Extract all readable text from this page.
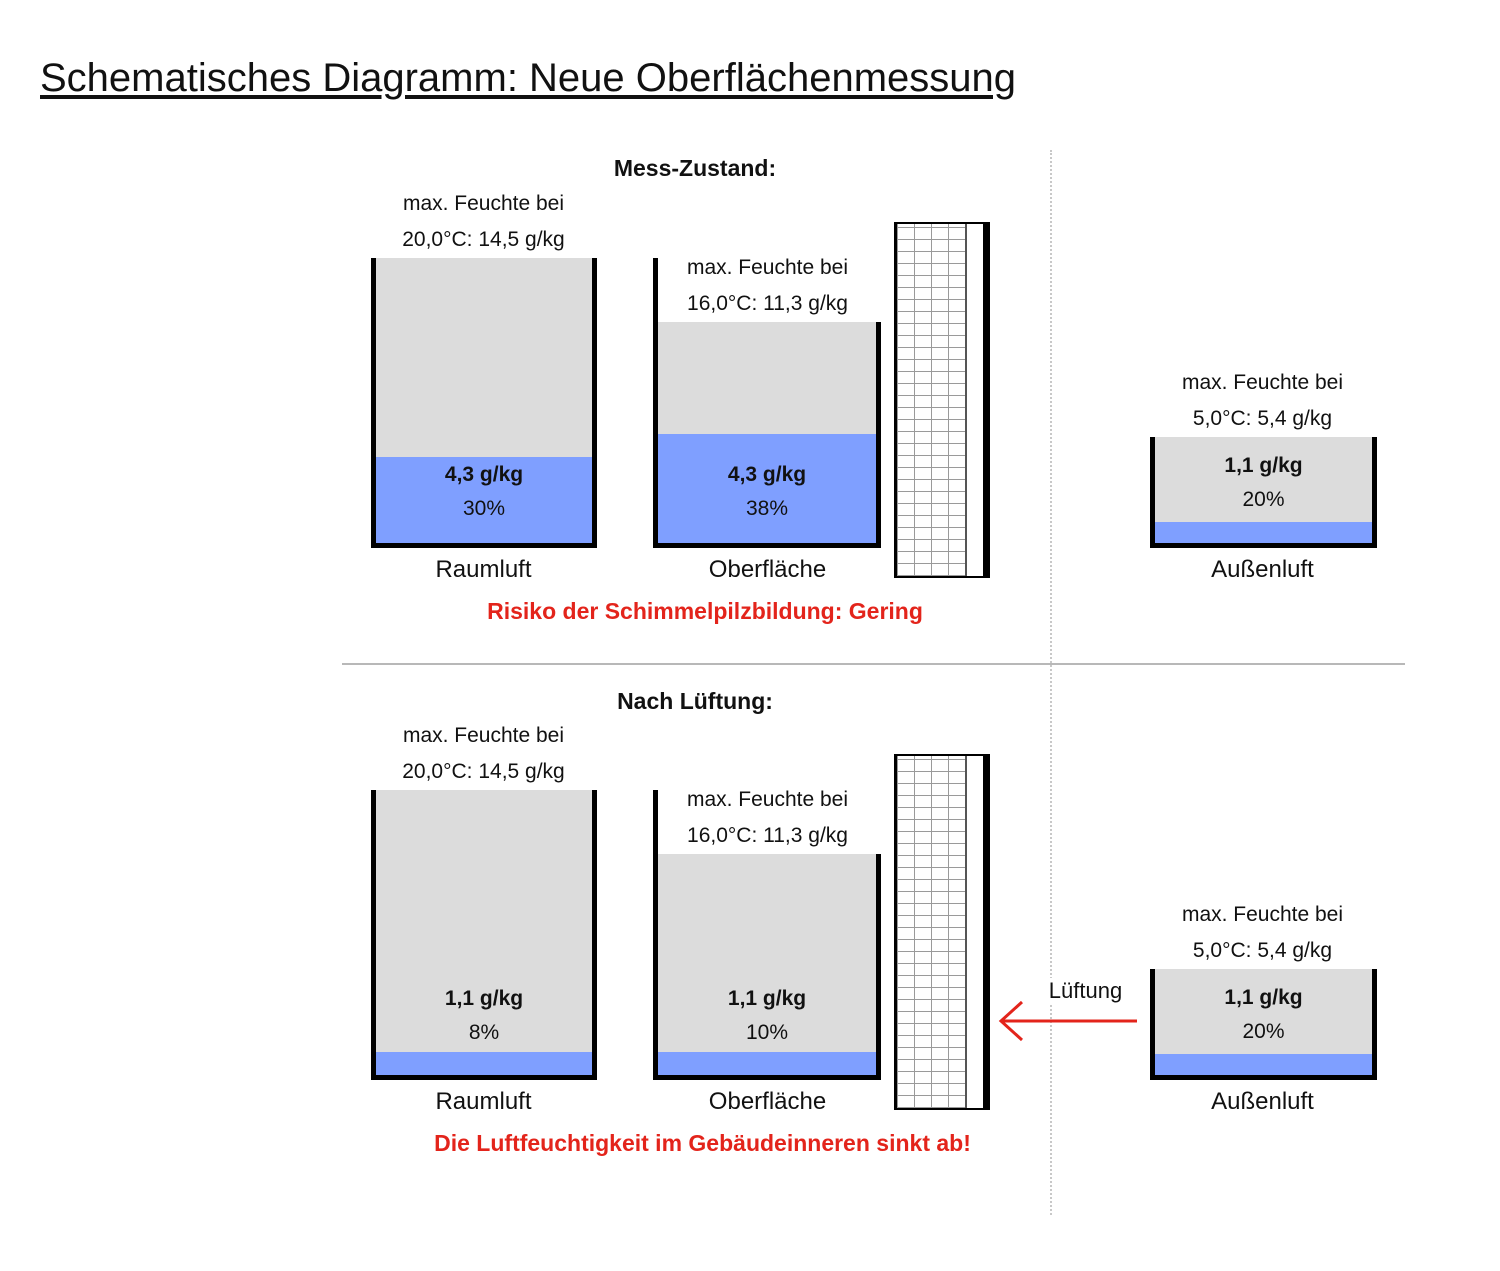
Schematisches Diagramm: Neue Oberflächenmessung
Mess-Zustand:
max. Feuchte bei
20,0°C: 14,5 g/kg
4,3 g/kg
30%
Raumluft
max. Feuchte bei
16,0°C: 11,3 g/kg
4,3 g/kg
38%
Oberfläche
max. Feuchte bei
5,0°C: 5,4 g/kg
1,1 g/kg
20%
Außenluft
Risiko der Schimmelpilzbildung: Gering
Nach Lüftung:
max. Feuchte bei
20,0°C: 14,5 g/kg
1,1 g/kg
8%
Raumluft
max. Feuchte bei
16,0°C: 11,3 g/kg
1,1 g/kg
10%
Oberfläche
Lüftung
max. Feuchte bei
5,0°C: 5,4 g/kg
1,1 g/kg
20%
Außenluft
Die Luftfeuchtigkeit im Gebäudeinneren sinkt ab!
